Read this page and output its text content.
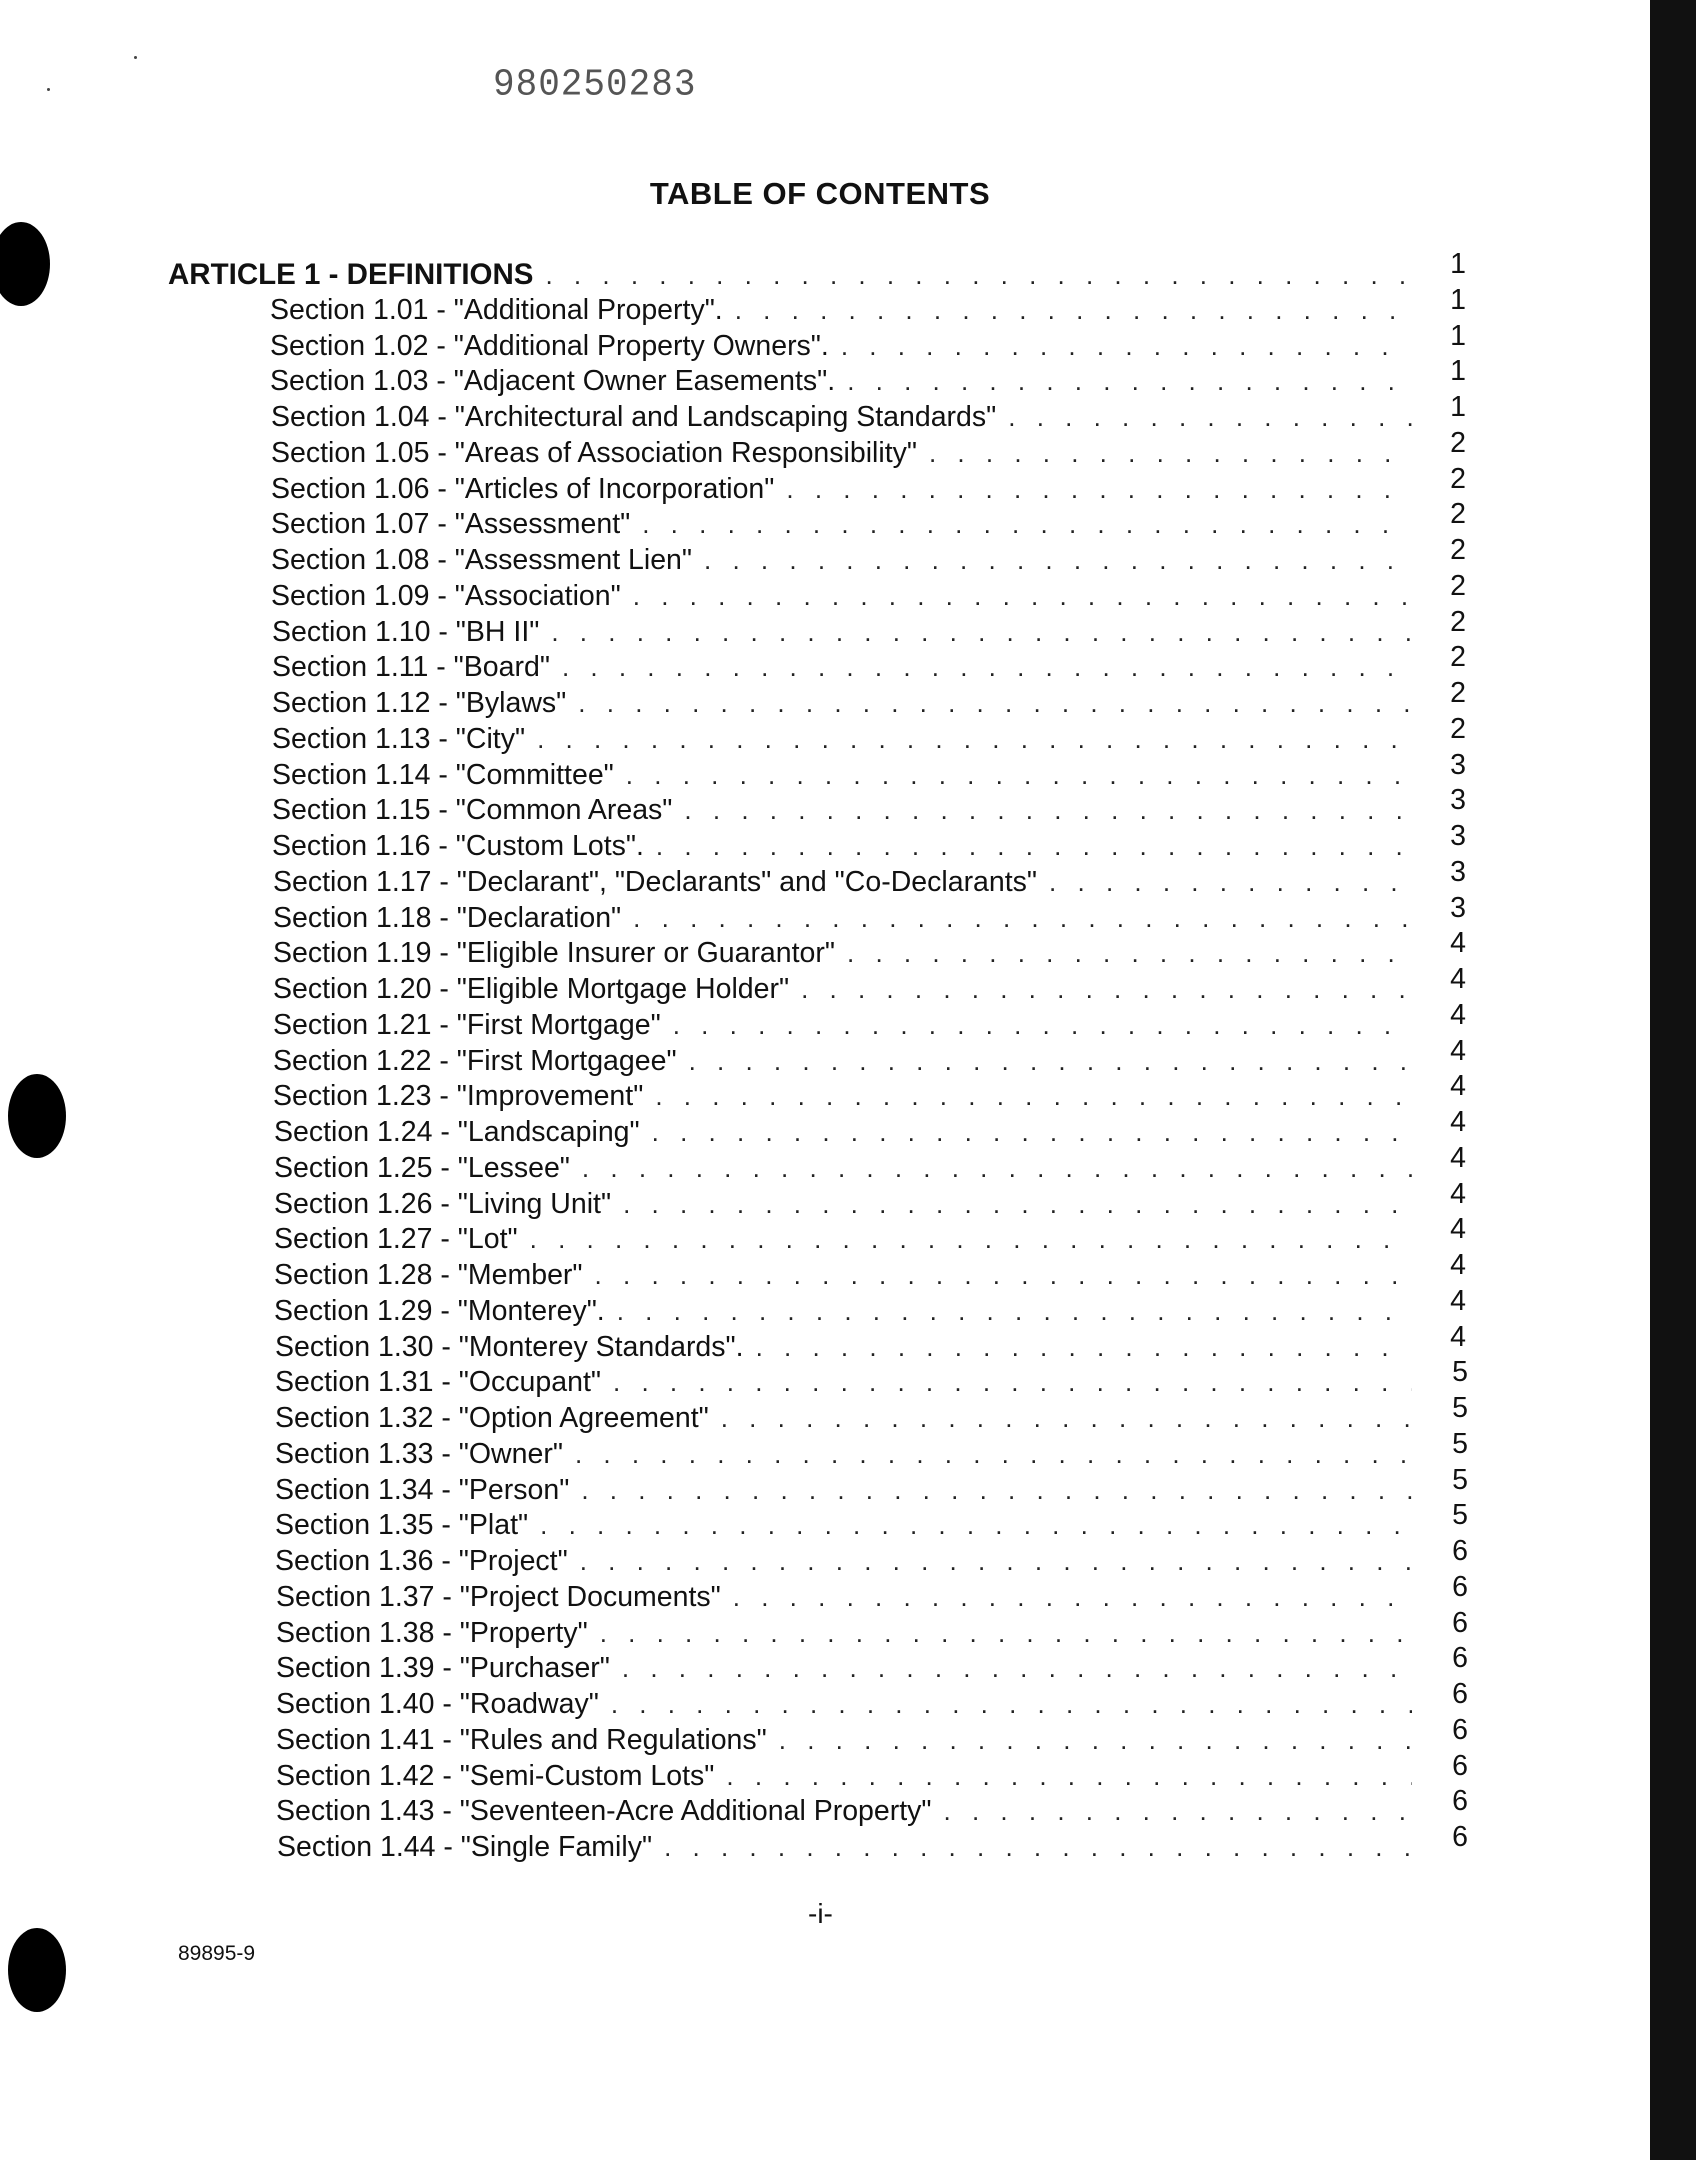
980250283
TABLE OF CONTENTS
ARTICLE 1 - DEFINITIONS . . .	1
Section 1.01 - "Additional Property". . . .	1
Section 1.02 - "Additional Property Owners". . . .	1
Section 1.03 - "Adjacent Owner Easements". . . .	1
Section 1.04 - "Architectural and Landscaping Standards" . . .	1
Section 1.05 - "Areas of Association Responsibility" . . .	2
Section 1.06 - "Articles of Incorporation" . . .	2
Section 1.07 - "Assessment" . . .	2
Section 1.08 - "Assessment Lien" . . .	2
Section 1.09 - "Association" . . .	2
Section 1.10 - "BH II" . . .	2
Section 1.11 - "Board" . . .	2
Section 1.12 - "Bylaws" . . .	2
Section 1.13 - "City" . . .	2
Section 1.14 - "Committee" . . .	3
Section 1.15 - "Common Areas" . . .	3
Section 1.16 - "Custom Lots". . . .	3
Section 1.17 - "Declarant", "Declarants" and "Co-Declarants" . . .	3
Section 1.18 - "Declaration" . . .	3
Section 1.19 - "Eligible Insurer or Guarantor" . . .	4
Section 1.20 - "Eligible Mortgage Holder" . . .	4
Section 1.21 - "First Mortgage" . . .	4
Section 1.22 - "First Mortgagee" . . .	4
Section 1.23 - "Improvement" . . .	4
Section 1.24 - "Landscaping" . . .	4
Section 1.25 - "Lessee" . . .	4
Section 1.26 - "Living Unit" . . .	4
Section 1.27 - "Lot" . . .	4
Section 1.28 - "Member" . . .	4
Section 1.29 - "Monterey". . . .	4
Section 1.30 - "Monterey Standards". . . .	4
Section 1.31 - "Occupant" . . .	5
Section 1.32 - "Option Agreement" . . .	5
Section 1.33 - "Owner" . . .	5
Section 1.34 - "Person" . . .	5
Section 1.35 - "Plat" . . .	5
Section 1.36 - "Project" . . .	6
Section 1.37 - "Project Documents" . . .	6
Section 1.38 - "Property" . . .	6
Section 1.39 - "Purchaser" . . .	6
Section 1.40 - "Roadway" . . .	6
Section 1.41 - "Rules and Regulations" . . .	6
Section 1.42 - "Semi-Custom Lots" . . .	6
Section 1.43 - "Seventeen-Acre Additional Property" . . .	6
Section 1.44 - "Single Family" . . .	6
-i-
89895-9
